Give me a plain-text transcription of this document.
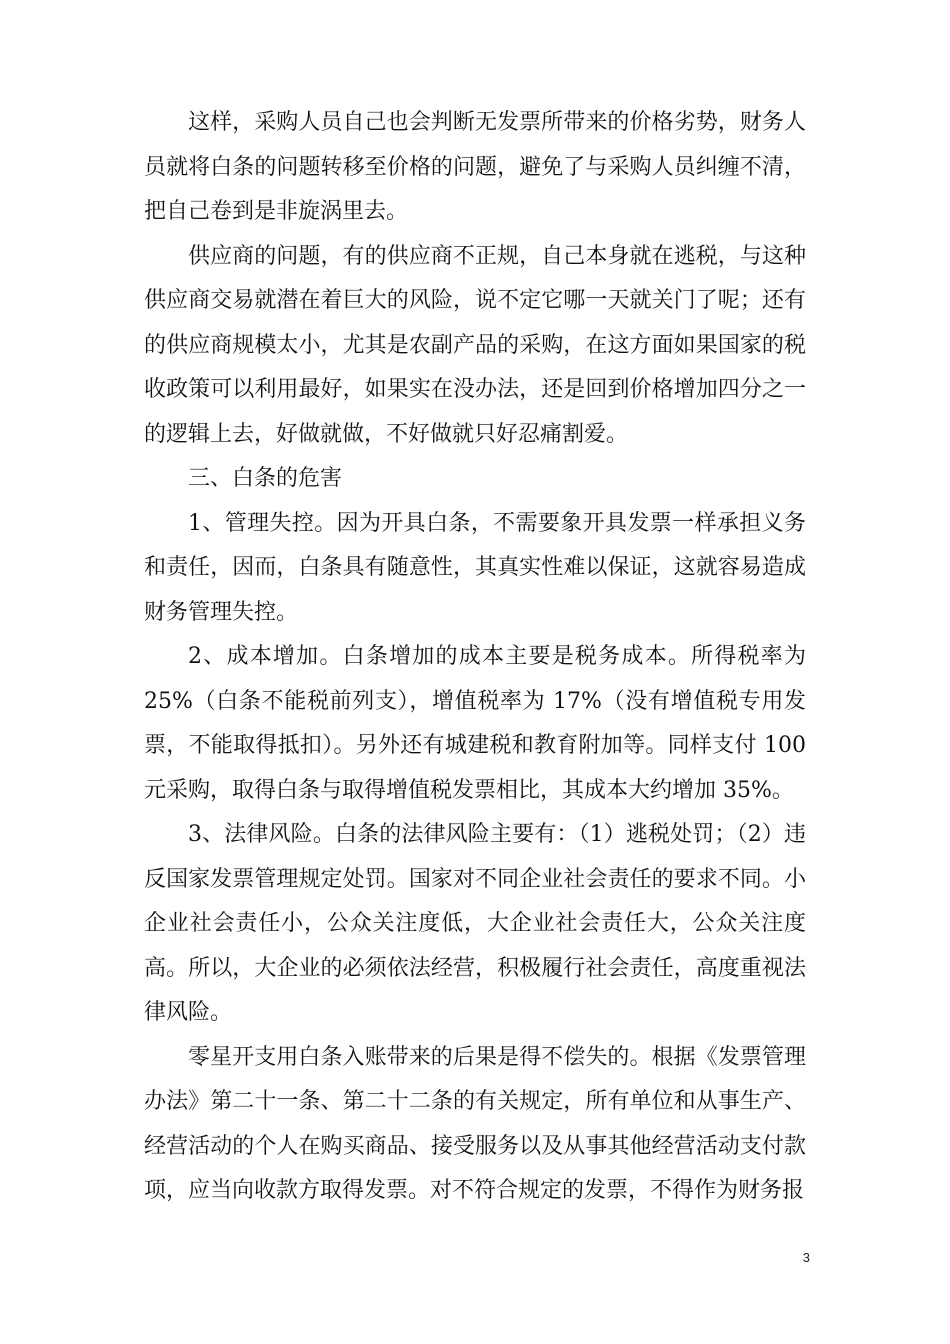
这样，采购人员自己也会判断无发票所带来的价格劣势，财务人员就将白条的问题转移至价格的问题，避免了与采购人员纠缠不清，把自己卷到是非旋涡里去。

供应商的问题，有的供应商不正规，自己本身就在逃税，与这种供应商交易就潜在着巨大的风险，说不定它哪一天就关门了呢；还有的供应商规模太小，尤其是农副产品的采购，在这方面如果国家的税收政策可以利用最好，如果实在没办法，还是回到价格增加四分之一的逻辑上去，好做就做，不好做就只好忍痛割爱。

三、白条的危害

1、管理失控。因为开具白条，不需要象开具发票一样承担义务和责任，因而，白条具有随意性，其真实性难以保证，这就容易造成财务管理失控。

2、成本增加。白条增加的成本主要是税务成本。所得税率为 25%（白条不能税前列支），增值税率为 17%（没有增值税专用发票，不能取得抵扣）。另外还有城建税和教育附加等。同样支付 100 元采购，取得白条与取得增值税发票相比，其成本大约增加 35%。

3、法律风险。白条的法律风险主要有：（1）逃税处罚；（2）违反国家发票管理规定处罚。国家对不同企业社会责任的要求不同。小企业社会责任小，公众关注度低，大企业社会责任大，公众关注度高。所以，大企业的必须依法经营，积极履行社会责任，高度重视法律风险。

零星开支用白条入账带来的后果是得不偿失的。根据《发票管理办法》第二十一条、第二十二条的有关规定，所有单位和从事生产、经营活动的个人在购买商品、接受服务以及从事其他经营活动支付款项，应当向收款方取得发票。对不符合规定的发票，不得作为财务报

3
